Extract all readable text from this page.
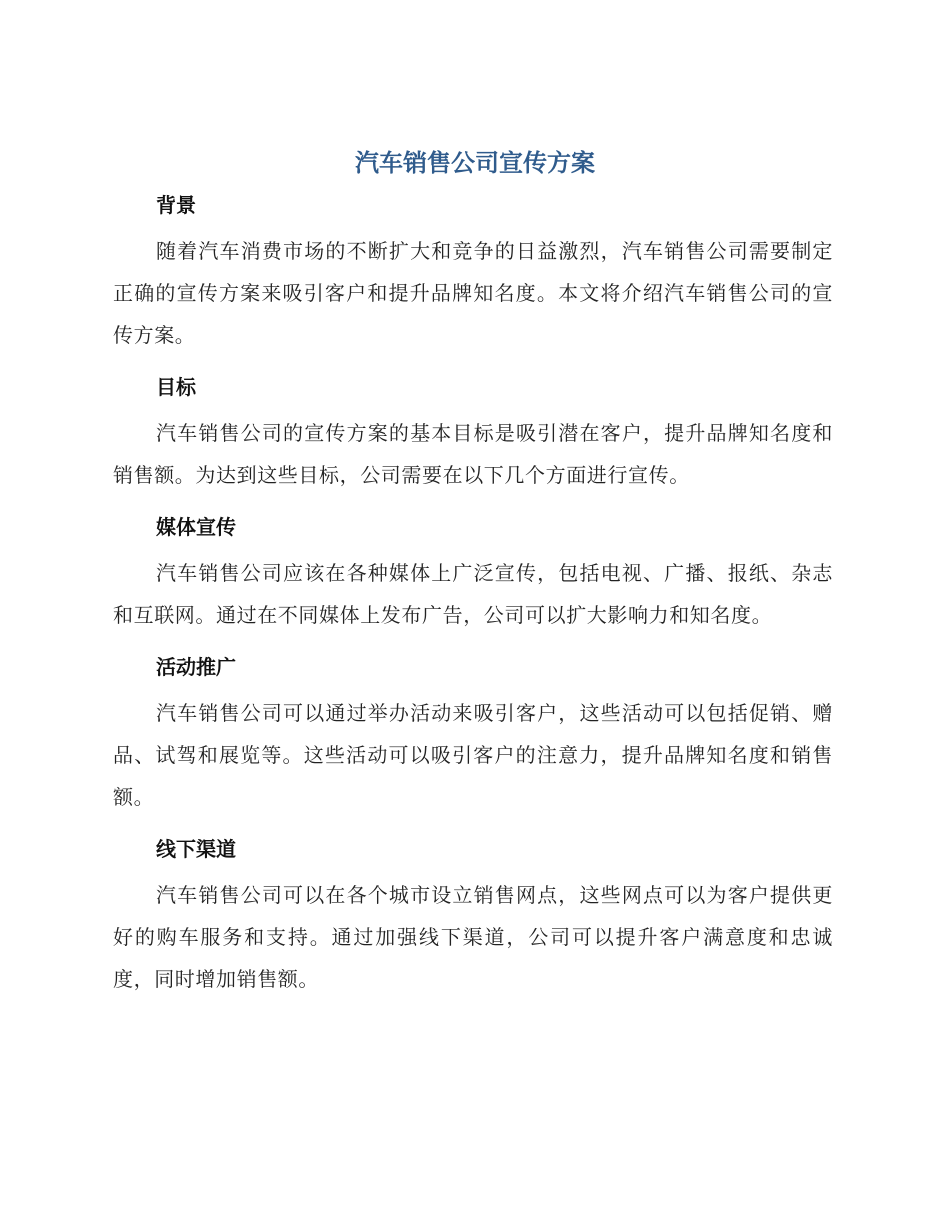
汽车销售公司宣传方案
背景

随着汽车消费市场的不断扩大和竞争的日益激烈，汽车销售公司需要制定正确的宣传方案来吸引客户和提升品牌知名度。本文将介绍汽车销售公司的宣传方案。

目标

汽车销售公司的宣传方案的基本目标是吸引潜在客户，提升品牌知名度和销售额。为达到这些目标，公司需要在以下几个方面进行宣传。

媒体宣传

汽车销售公司应该在各种媒体上广泛宣传，包括电视、广播、报纸、杂志和互联网。通过在不同媒体上发布广告，公司可以扩大影响力和知名度。

活动推广

汽车销售公司可以通过举办活动来吸引客户，这些活动可以包括促销、赠品、试驾和展览等。这些活动可以吸引客户的注意力，提升品牌知名度和销售额。

线下渠道

汽车销售公司可以在各个城市设立销售网点，这些网点可以为客户提供更好的购车服务和支持。通过加强线下渠道，公司可以提升客户满意度和忠诚度，同时增加销售额。
